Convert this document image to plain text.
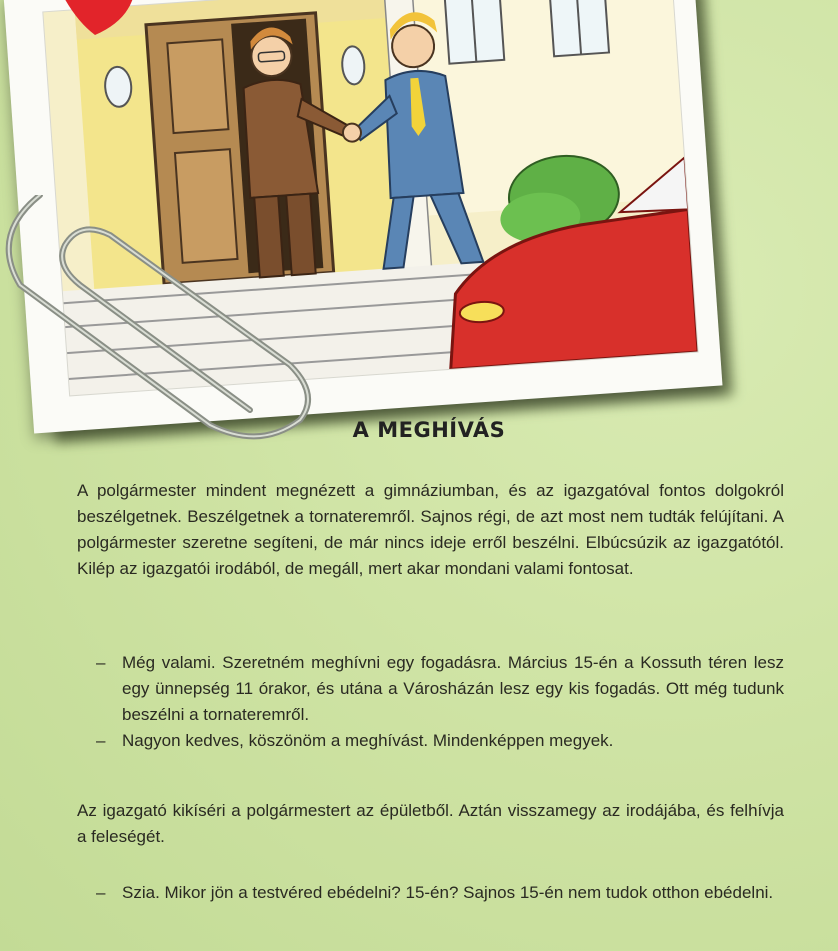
A MEGHÍVÁS

A polgármester mindent megnézett a gimnáziumban, és az igazgatóval fontos dolgokról beszélgetnek. Beszélgetnek a tornateremről. Sajnos régi, de azt most nem tudták felújítani. A polgármester szeretne segíteni, de már nincs ideje erről beszélni. Elbúcsúzik az igazgatótól. Kilép az igazgatói irodából, de megáll, mert akar mondani valami fontosat.

– Még valami. Szeretném meghívni egy fogadásra. Március 15-én a Kossuth téren lesz egy ünnepség 11 órakor, és utána a Városházán lesz egy kis fogadás. Ott még tudunk beszélni a tornateremről.
– Nagyon kedves, köszönöm a meghívást. Mindenképpen megyek.

Az igazgató kikíséri a polgármestert az épületből. Aztán visszamegy az irodájába, és felhívja a feleségét.

– Szia. Mikor jön a testvéred ebédelni? 15-én? Sajnos 15-én nem tudok otthon ebédelni.
